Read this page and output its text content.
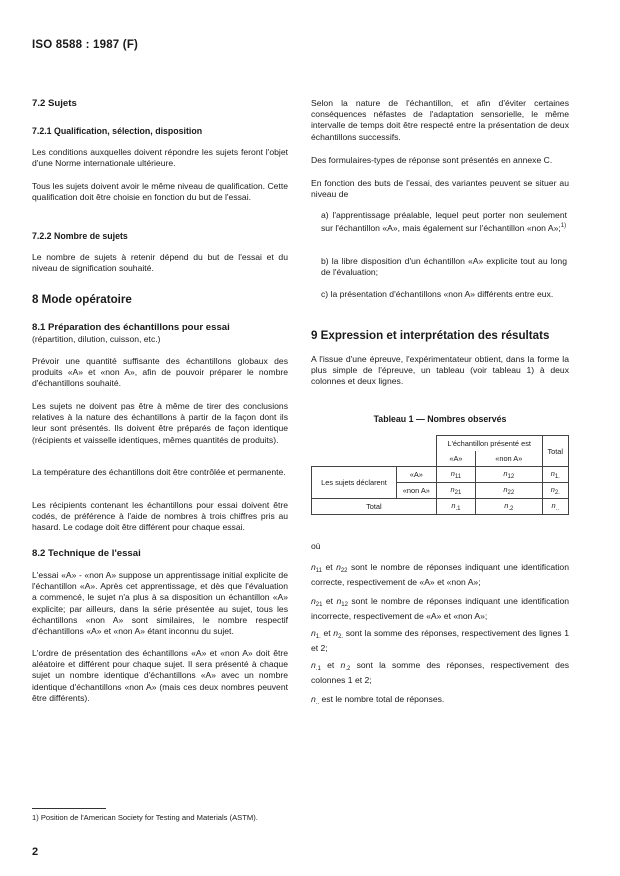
ISO 8588 : 1987 (F)

7.2 Sujets

7.2.1 Qualification, sélection, disposition

Les conditions auxquelles doivent répondre les sujets feront l'objet d'une Norme internationale ultérieure.

Tous les sujets doivent avoir le même niveau de qualification. Cette qualification doit être choisie en fonction du but de l'essai.

7.2.2 Nombre de sujets

Le nombre de sujets à retenir dépend du but de l'essai et du niveau de signification souhaité.

8 Mode opératoire

8.1 Préparation des échantillons pour essai

(répartition, dilution, cuisson, etc.)

Prévoir une quantité suffisante des échantillons globaux des produits «A» et «non A», afin de pouvoir préparer le nombre d'échantillons souhaité.

Les sujets ne doivent pas être à même de tirer des conclusions relatives à la nature des échantillons à partir de la façon dont ils leur sont présentés. Ils doivent être préparés de façon identique (récipients et vaisselle identiques, mêmes quantités de produits).

La température des échantillons doit être contrôlée et permanente.

Les récipients contenant les échantillons pour essai doivent être codés, de préférence à l'aide de nombres à trois chiffres pris au hasard. Le codage doit être différent pour chaque essai.

8.2 Technique de l'essai

L'essai «A» - «non A» suppose un apprentissage initial explicite de l'échantillon «A». Après cet apprentissage, et dès que l'évaluation a commencé, le sujet n'a plus à sa disposition un échantillon «A» explicite; par ailleurs, dans la série présentée au sujet, tous les échantillons «non A» sont similaires, le nombre respectif d'échantillons «A» et «non A» étant inconnu du sujet.

L'ordre de présentation des échantillons «A» et «non A» doit être aléatoire et différent pour chaque sujet. Il sera présenté à chaque sujet un nombre identique d'échantillons «A» avec un nombre identique d'échantillons «non A» (mais ces deux nombres peuvent être différents).

Selon la nature de l'échantillon, et afin d'éviter certaines conséquences néfastes de l'adaptation sensorielle, le même intervalle de temps doit être respecté entre la présentation de deux échantillons successifs.

Des formulaires-types de réponse sont présentés en annexe C.

En fonction des buts de l'essai, des variantes peuvent se situer au niveau de

a) l'apprentissage préalable, lequel peut porter non seulement sur l'échantillon «A», mais également sur l'échantillon «non A»;$^{1)}$

b) la libre disposition d'un échantillon «A» explicite tout au long de l'évaluation;

c) la présentation d'échantillons «non A» différents entre eux.

9 Expression et interprétation des résultats

A l'issue d'une épreuve, l'expérimentateur obtient, dans la forme la plus simple de l'épreuve, un tableau (voir tableau 1) à deux colonnes et deux lignes.

Tableau 1 — Nombres observés
		L'échantillon présenté est		Total
		«A»	«non A»	
Les sujets déclarent	«A»	$n_{11}$	$n_{12}$	$n_{1.}$
	«non A»	$n_{21}$	$n_{22}$	$n_{2.}$
Total		$n_{.1}$	$n_{.2}$	$n_{..}$

où

$n_{11}$ et $n_{22}$ sont le nombre de réponses indiquant une identification correcte, respectivement de «A» et «non A»;

$n_{21}$ et $n_{12}$ sont le nombre de réponses indiquant une identification incorrecte, respectivement de «A» et «non A»;

$n_{1.}$ et $n_{2.}$ sont la somme des réponses, respectivement des lignes 1 et 2;

$n_{.1}$ et $n_{.2}$ sont la somme des réponses, respectivement des colonnes 1 et 2;

$n_{..}$ est le nombre total de réponses.

1) Position de l'American Society for Testing and Materials (ASTM).
2
